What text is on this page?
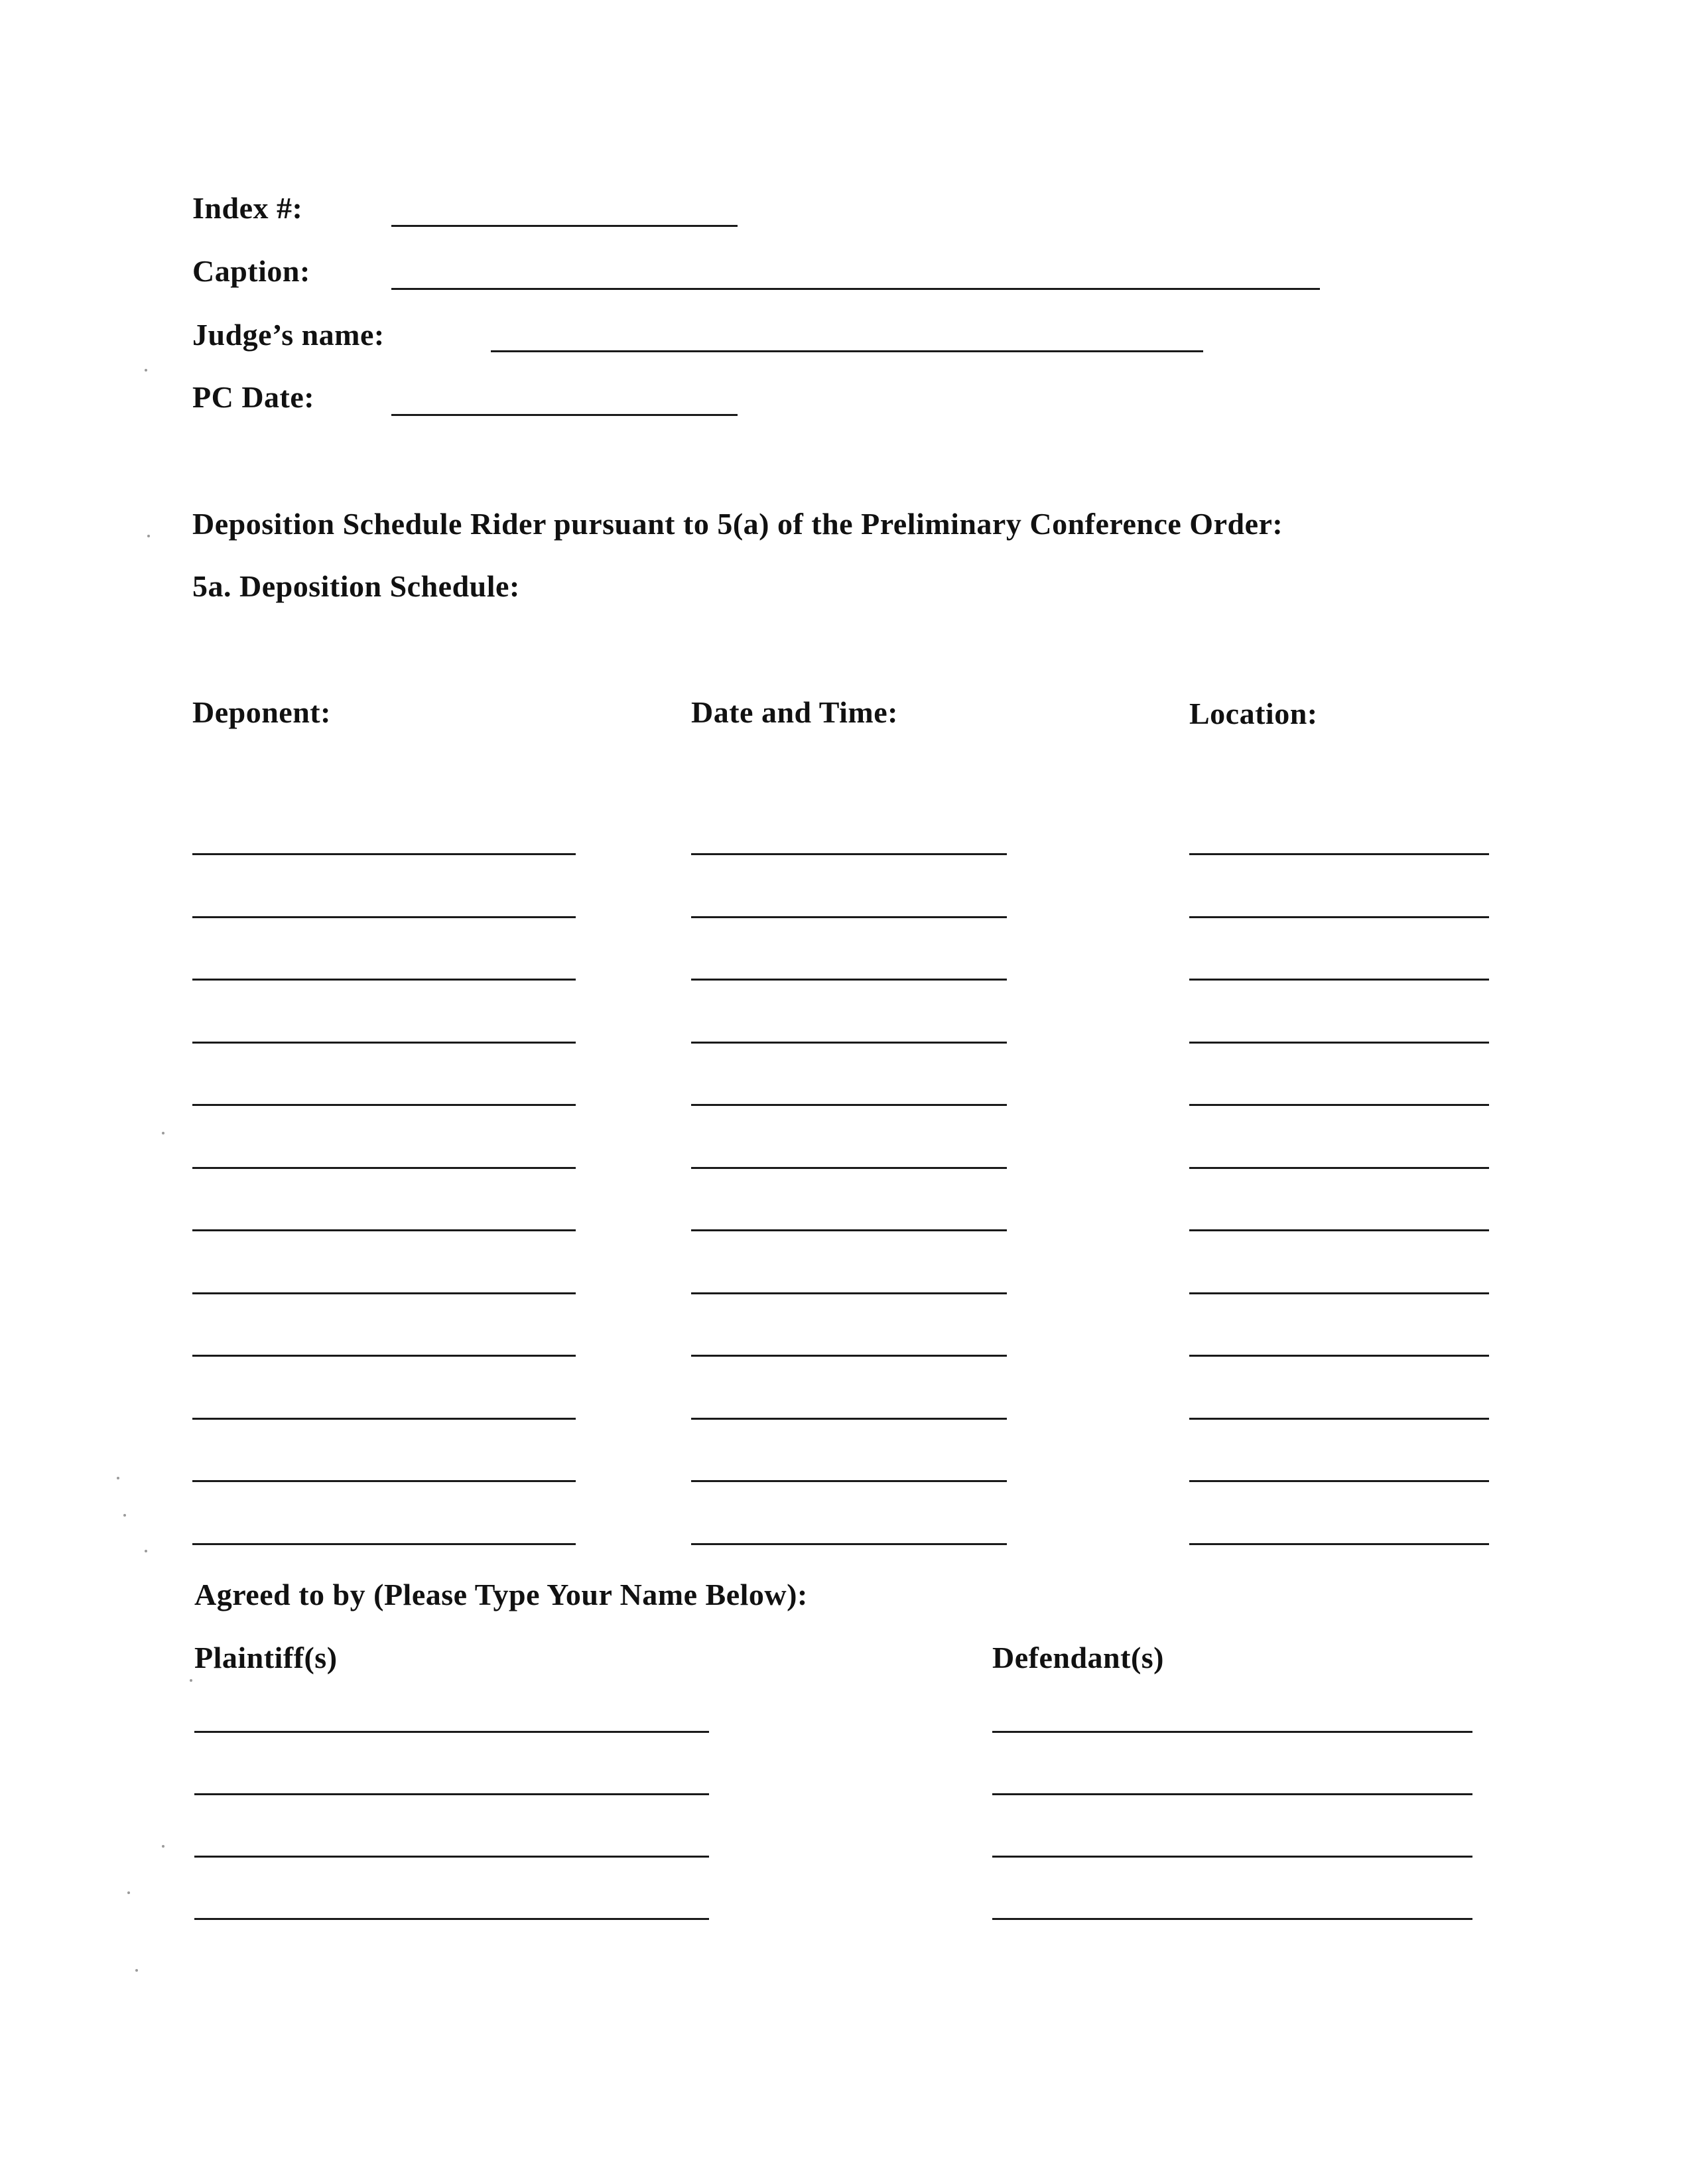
Index #:
Caption:
Judge’s name:
PC Date:
Deposition Schedule Rider pursuant to 5(a) of the Preliminary Conference Order:
5a. Deposition Schedule:
Deponent:	Date and Time:	Location:
Agreed to by (Please Type Your Name Below):
Plaintiff(s)	Defendant(s)
